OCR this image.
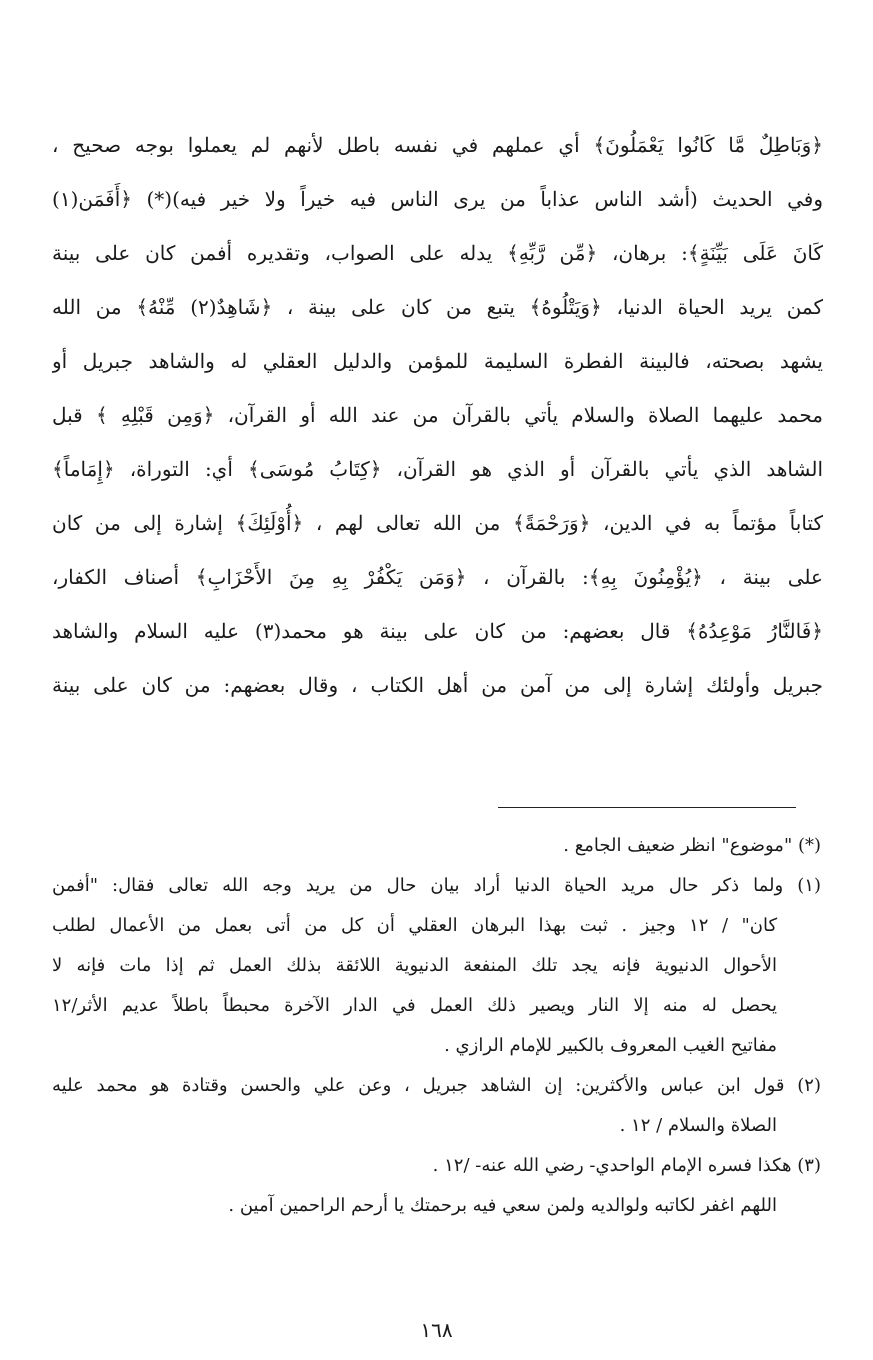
﴿وَبَاطِلٌ مَّا كَانُوا يَعْمَلُونَ﴾ أي عملهم في نفسه باطل لأنهم لم يعملوا بوجه صحيح ،
وفي الحديث (أشد الناس عذاباً من يرى الناس فيه خيراً ولا خير فيه)(*) ﴿أَفَمَن(١)
كَانَ عَلَى بَيِّنَةٍ﴾: برهان، ﴿مِّن رَّبِّهِ﴾ يدله على الصواب، وتقديره أفمن كان على بينة
كمن يريد الحياة الدنيا، ﴿وَيَتْلُوهُ﴾ يتبع من كان على بينة ، ﴿شَاهِدٌ(٢) مِّنْهُ﴾ من الله
يشهد بصحته، فالبينة الفطرة السليمة للمؤمن والدليل العقلي له والشاهد جبريل أو
محمد عليهما الصلاة والسلام يأتي بالقرآن من عند الله أو القرآن، ﴿وَمِن قَبْلِهِ ﴾ قبل
الشاهد الذي يأتي بالقرآن أو الذي هو القرآن، ﴿كِتَابُ مُوسَى﴾ أي: التوراة، ﴿إِمَاماً﴾
كتاباً مؤتماً به في الدين، ﴿وَرَحْمَةً﴾ من الله تعالى لهم ، ﴿أُوْلَئِكَ﴾ إشارة إلى من كان
على بينة ، ﴿يُؤْمِنُونَ بِهِ﴾: بالقرآن ، ﴿وَمَن يَكْفُرْ بِهِ مِنَ الأَحْزَابِ﴾ أصناف الكفار،
﴿فَالنَّارُ مَوْعِدُهُ﴾ قال بعضهم: من كان على بينة هو محمد(٣) عليه السلام والشاهد
جبريل وأولئك إشارة إلى من آمن من أهل الكتاب ، وقال بعضهم: من كان على بينة
(*) "موضوع" انظر ضعيف الجامع .
(١) ولما ذكر حال مريد الحياة الدنيا أراد بيان حال من يريد وجه الله تعالى فقال: "أفمن
كان" / ١٢ وجيز . ثبت بهذا البرهان العقلي أن كل من أتى بعمل من الأعمال لطلب
الأحوال الدنيوية فإنه يجد تلك المنفعة الدنيوية اللائقة بذلك العمل ثم إذا مات فإنه لا
يحصل له منه إلا النار ويصير ذلك العمل في الدار الآخرة محبطاً باطلاً عديم الأثر/١٢
مفاتيح الغيب المعروف بالكبير للإمام الرازي .
(٢) قول ابن عباس والأكثرين: إن الشاهد جبريل ، وعن علي والحسن وقتادة هو محمد عليه
الصلاة والسلام / ١٢ .
(٣) هكذا فسره الإمام الواحدي- رضي الله عنه- /١٢ .
اللهم اغفر لكاتبه ولوالديه ولمن سعي فيه برحمتك يا أرحم الراحمين آمين .
١٦٨
